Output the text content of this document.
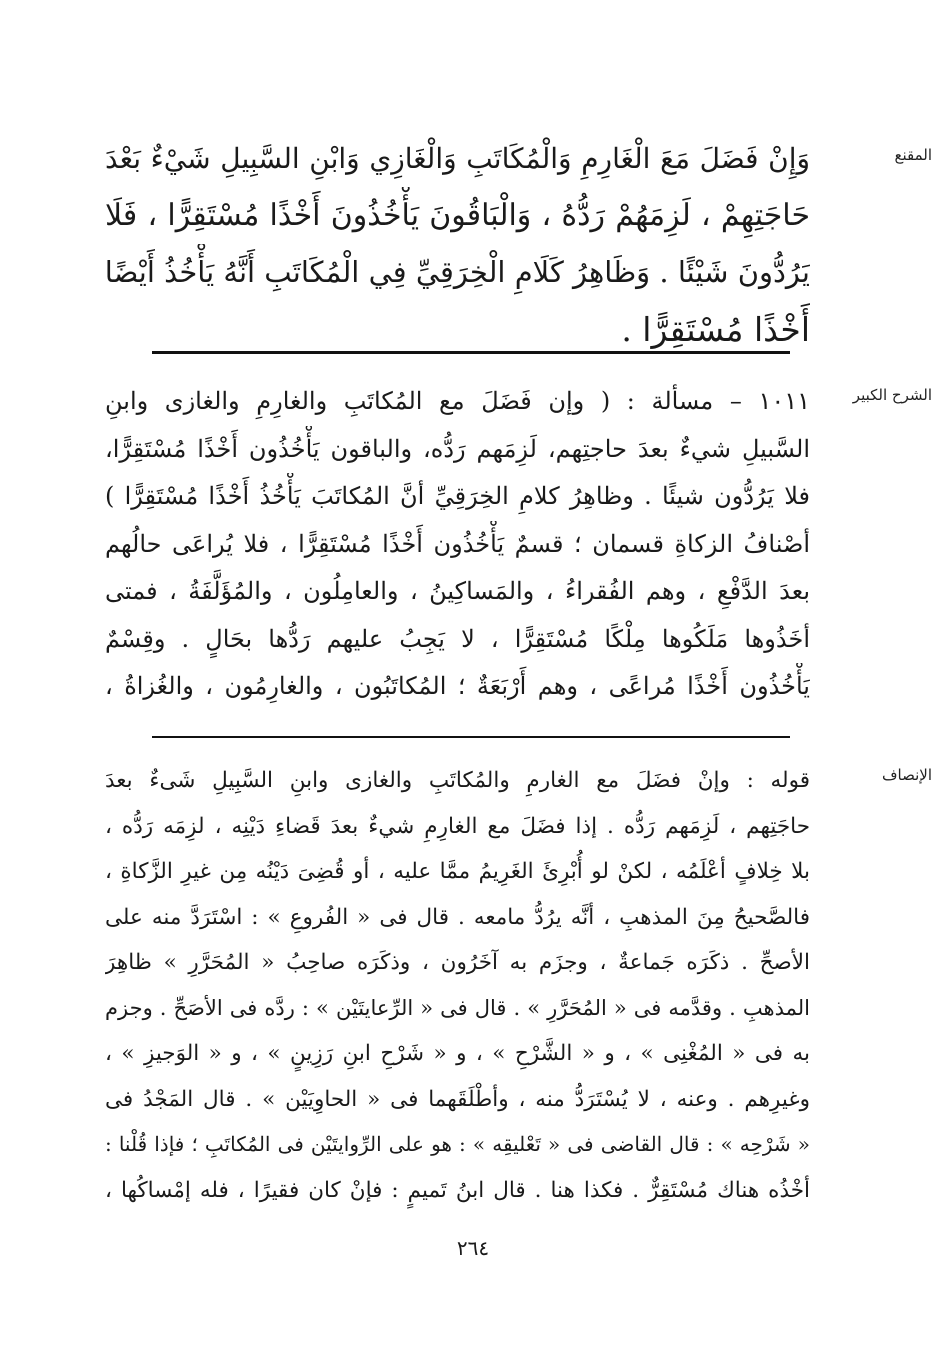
المقنع
وَإِنْ فَضَلَ مَعَ الْغَارِمِ وَالْمُكَاتَبِ وَالْغَازِي وَابْنِ السَّبِيلِ شَيْءٌ بَعْدَ
حَاجَتِهِمْ ، لَزِمَهُمْ رَدُّهُ ، وَالْبَاقُونَ يَأْخُذُونَ أَخْذًا مُسْتَقِرًّا ، فَلَا
يَرُدُّونَ شَيْئًا . وَظَاهِرُ كَلَامِ الْخِرَقِيِّ فِي الْمُكَاتَبِ أَنَّهُ يَأْخُذُ أَيْضًا
أَخْذًا مُسْتَقِرًّا .
الشرح الكبير
١٠١١ – مسألة : ( وإن فَضَلَ مع المُكاتَبِ والغارِمِ والغازى وابنِ
السَّبيلِ شيءٌ بعدَ حاجتِهم، لَزِمَهم رَدُّه، والباقون يَأْخُذُون أَخْذًا مُسْتَقِرًّا،
فلا يَرُدُّون شيئًا . وظاهِرُ كلامِ الخِرَقِيِّ أنَّ المُكاتَبَ يَأْخُذُ أَخْذًا مُسْتَقِرًّا )
أصْنافُ الزكاةِ قسمان ؛ قسمٌ يَأْخُذُون أَخْذًا مُسْتَقِرًّا ، فلا يُراعَى حالُهم
بعدَ الدَّفْعِ ، وهم الفُقراءُ ، والمَساكِينُ ، والعامِلُون ، والمُؤَلَّفَةُ ، فمتى
أخَذُوها مَلَكُوها مِلْكًا مُسْتَقِرًّا ، لا يَجِبُ عليهم رَدُّها بحَالٍ . وقِسْمٌ
يَأْخُذُون أَخْذًا مُراعًى ، وهم أَرْبَعَةٌ ؛ المُكاتَبُون ، والغارِمُون ، والغُزاةُ ،
الإنصاف
قوله : وإنْ فضَلَ مع الغارمِ والمُكاتَبِ والغازى وابنِ السَّبِيلِ شَىءٌ بعدَ
حاجَتِهم ، لَزِمَهم رَدُّه . إذا فضَلَ مع الغارِمِ شيءٌ بعدَ قَضاءِ دَيْنِه ، لزِمَه رَدُّه ،
بلا خِلافٍ أعْلَمُه ، لكنْ لو أُبْرِئَ الغَرِيمُ ممَّا عليه ، أو قُضِىَ دَيْنُه مِن غيرِ الزَّكاةِ ،
فالصَّحيحُ مِنَ المذهبِ ، أنَّه يرُدُّ مامعه . قال فى « الفُروعِ » : اسْتَرَدَّ منه على
الأصحِّ . ذكَرَه جَماعةٌ ، وجزَم به آخَرُون ، وذكَرَه صاحِبُ « المُحَرَّرِ » ظاهِرَ
المذهبِ . وقدَّمه فى « المُحَرَّرِ » . قال فى « الرِّعايتَيْن » : ردَّه فى الأصَحِّ . وجزم
به فى « المُغْنِى » ، و « الشَّرْحِ » ، و « شَرْحِ ابنِ رَزِينٍ » ، و « الوَجيزِ » ،
وغيرِهم . وعنه ، لا يُسْتَرَدُّ منه ، وأطْلَقَهما فى « الحاوِيَيْن » . قال المَجْدُ فى
« شَرْحِه » : قال القاضى فى « تَعْليقِه » : هو على الرِّوايتَيْن فى المُكاتَبِ ؛ فإذا قُلْنا :
أخْذُه هناك مُسْتَقِرٌّ . فكذا هنا . قال ابنُ تَميمٍ : فإنْ كان فقيرًا ، فله إمْساكُها ،
٢٦٤
